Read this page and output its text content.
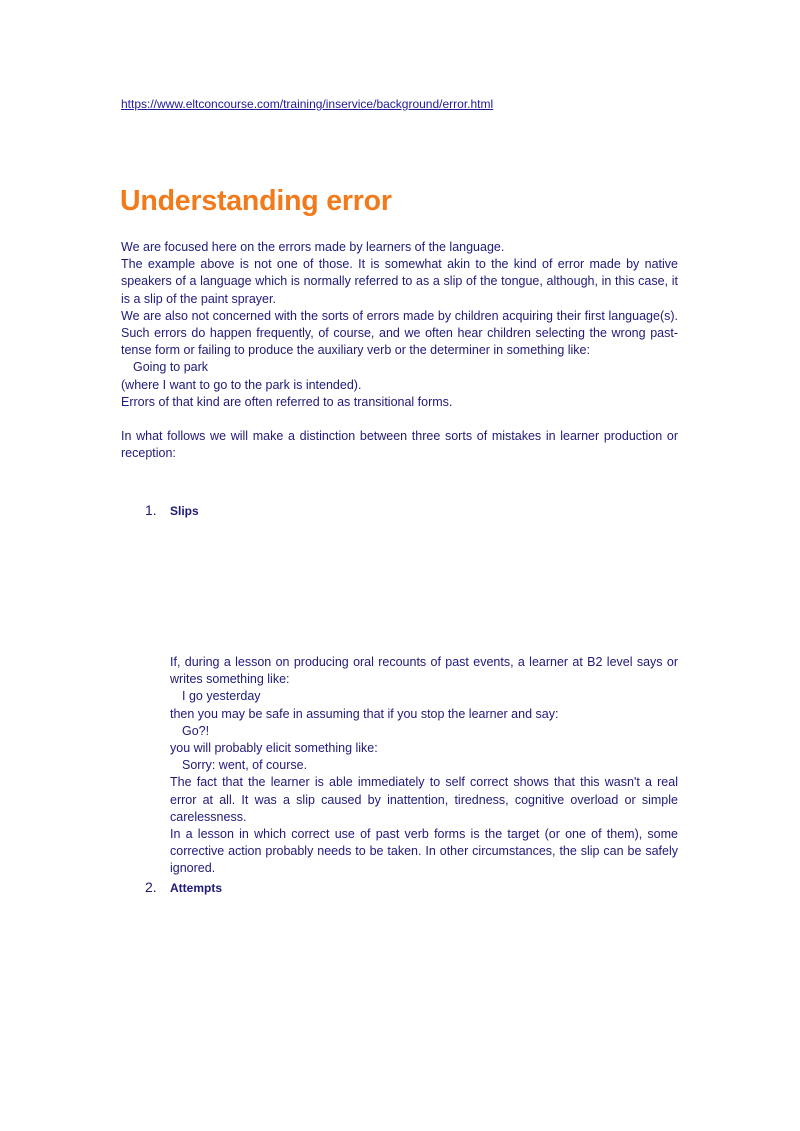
https://www.eltconcourse.com/training/inservice/background/error.html
Understanding error

We are focused here on the errors made by learners of the language.

The example above is not one of those. It is somewhat akin to the kind of error made by native speakers of a language which is normally referred to as a slip of the tongue, although, in this case, it is a slip of the paint sprayer.

We are also not concerned with the sorts of errors made by children acquiring their first language(s). Such errors do happen frequently, of course, and we often hear children selecting the wrong past-tense form or failing to produce the auxiliary verb or the determiner in something like:

Going to park

(where I want to go to the park is intended).

Errors of that kind are often referred to as transitional forms.

In what follows we will make a distinction between three sorts of mistakes in learner production or reception:

1. Slips

If, during a lesson on producing oral recounts of past events, a learner at B2 level says or writes something like:

I go yesterday

then you may be safe in assuming that if you stop the learner and say:

Go?!

you will probably elicit something like:

Sorry: went, of course.

The fact that the learner is able immediately to self correct shows that this wasn't a real error at all. It was a slip caused by inattention, tiredness, cognitive overload or simple carelessness.

In a lesson in which correct use of past verb forms is the target (or one of them), some corrective action probably needs to be taken. In other circumstances, the slip can be safely ignored.

2. Attempts
